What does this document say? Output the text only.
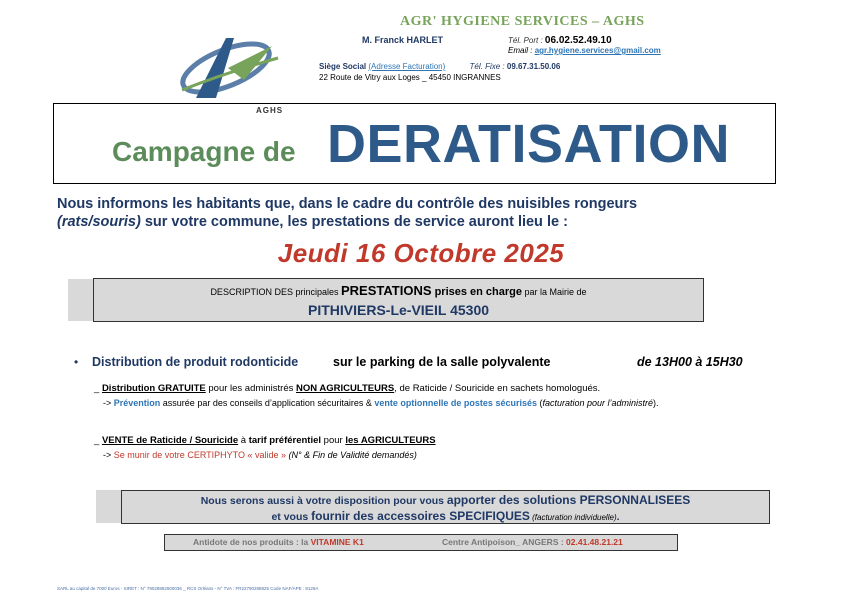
AGHS
AGR' HYGIENE SERVICES – AGHS
M. Franck HARLET	Tél. Port : 06.02.52.49.10
Email : agr.hygiene.services@gmail.com
Siège Social (Adresse Facturation)	Tél. Fixe : 09.67.31.50.06
22 Route de Vitry aux Loges _ 45450 INGRANNES
Campagne de DERATISATION
Nous informons les habitants que, dans le cadre du contrôle des nuisibles rongeurs
(rats/souris) sur votre commune, les prestations de service auront lieu le :
Jeudi 16 Octobre 2025
DESCRIPTION DES principales PRESTATIONS prises en charge par la Mairie de
PITHIVIERS-Le-VIEIL 45300
• Distribution de produit rodonticide	sur le parking de la salle polyvalente	de 13H00 à 15H30
_ Distribution GRATUITE pour les administrés NON AGRICULTEURS, de Raticide / Souricide en sachets homologués.
-> Prévention assurée par des conseils d’application sécuritaires & vente optionnelle de postes sécurisés (facturation pour l’administré).
_ VENTE de Raticide / Souricide à tarif préférentiel pour les AGRICULTEURS
-> Se munir de votre CERTIPHYTO « valide » (N° & Fin de Validité demandés)
Nous serons aussi à votre disposition pour vous apporter des solutions PERSONNALISEES
et vous fournir des accessoires SPECIFIQUES (facturation individuelle).
Antidote de nos produits : la VITAMINE K1	Centre Antipoison_ ANGERS : 02.41.48.21.21
SARL au capital de 7000 Euros - SIRET : N° 79028882500036 _ RCS Orléans - N° TVA : FR22790288825 Code NAF/APE : 8129A
